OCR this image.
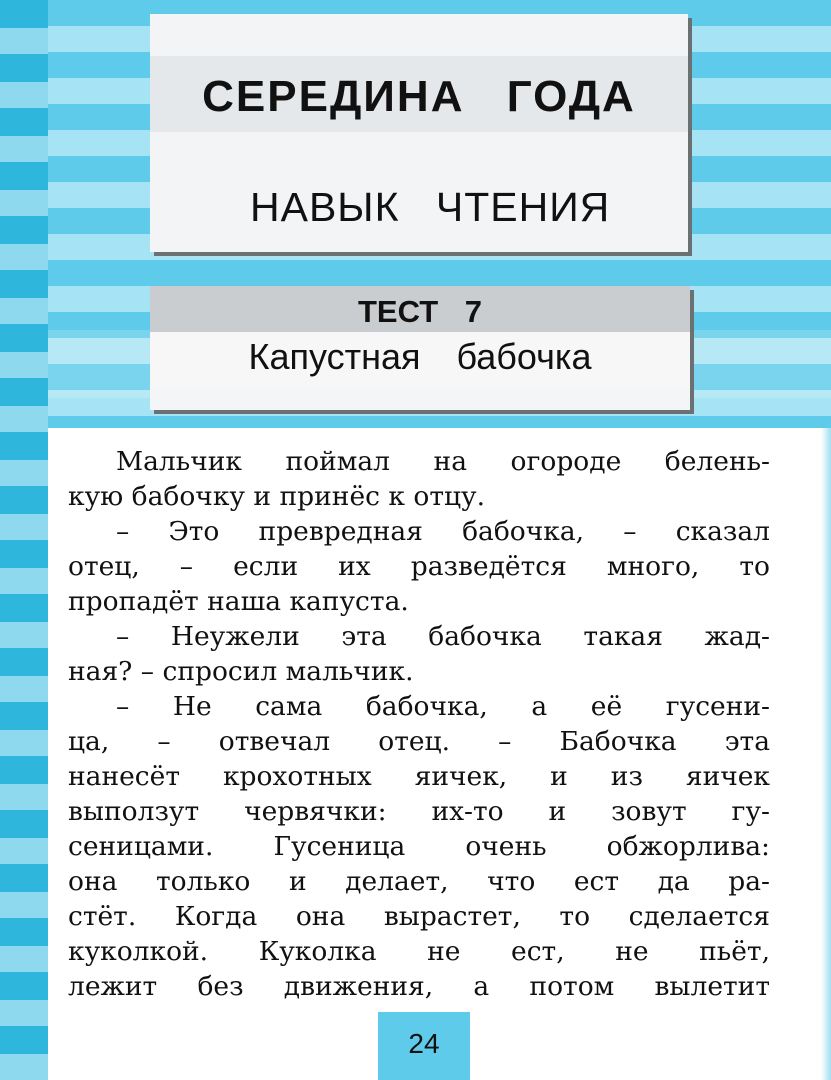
СЕРЕДИНА ГОДА
НАВЫК ЧТЕНИЯ
ТЕСТ 7
Капустная бабочка
Мальчик поймал на огороде белень-
кую бабочку и принёс к отцу.
– Это превредная бабочка, – сказал
отец, – если их разведётся много, то
пропадёт наша капуста.
– Неужели эта бабочка такая жад-
ная? – спросил мальчик.
– Не сама бабочка, а её гусени-
ца, – отвечал отец. – Бабочка эта
нанесёт крохотных яичек, и из яичек
выползут червячки: их-то и зовут гу-
сеницами. Гусеница очень обжорлива:
она только и делает, что ест да ра-
стёт. Когда она вырастет, то сделается
куколкой. Куколка не ест, не пьёт,
лежит без движения, а потом вылетит
24
